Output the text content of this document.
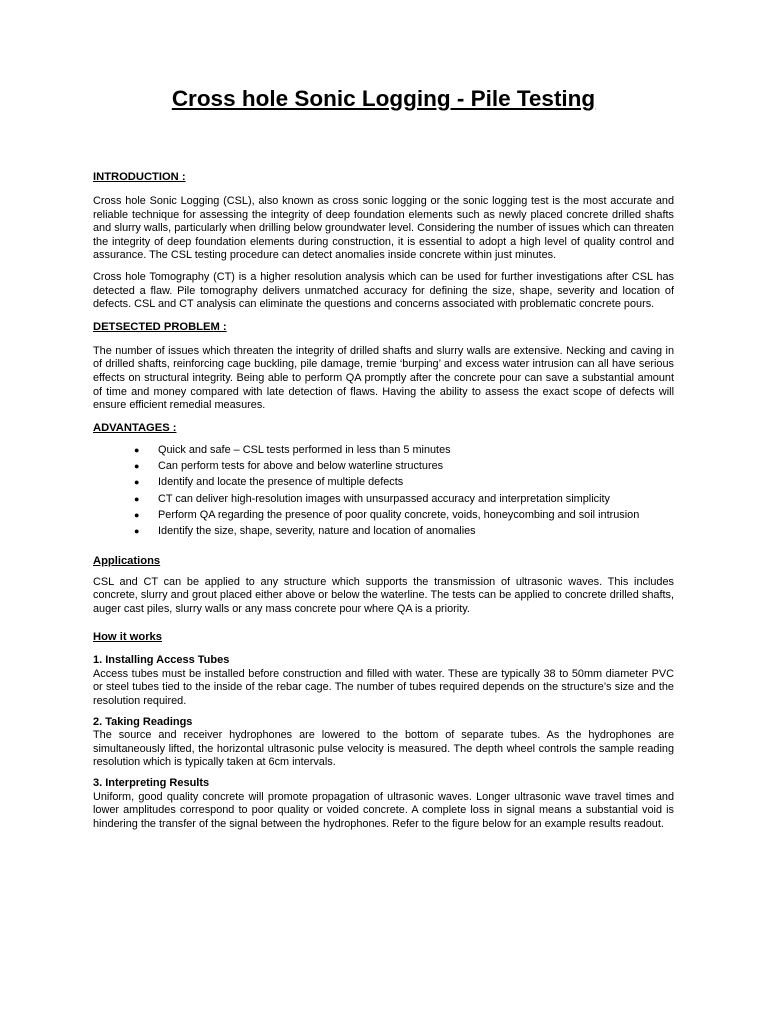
Cross hole Sonic Logging - Pile Testing

INTRODUCTION :

Cross hole Sonic Logging (CSL), also known as cross sonic logging or the sonic logging test is the most accurate and reliable technique for assessing the integrity of deep foundation elements such as newly placed concrete drilled shafts and slurry walls, particularly when drilling below groundwater level. Considering the number of issues which can threaten the integrity of deep foundation elements during construction, it is essential to adopt a high level of quality control and assurance. The CSL testing procedure can detect anomalies inside concrete within just minutes.

Cross hole Tomography (CT) is a higher resolution analysis which can be used for further investigations after CSL has detected a flaw. Pile tomography delivers unmatched accuracy for defining the size, shape, severity and location of defects. CSL and CT analysis can eliminate the questions and concerns associated with problematic concrete pours.

DETSECTED PROBLEM :

The number of issues which threaten the integrity of drilled shafts and slurry walls are extensive. Necking and caving in of drilled shafts, reinforcing cage buckling, pile damage, tremie ‘burping’ and excess water intrusion can all have serious effects on structural integrity. Being able to perform QA promptly after the concrete pour can save a substantial amount of time and money compared with late detection of flaws. Having the ability to assess the exact scope of defects will ensure efficient remedial measures.

ADVANTAGES :

● Quick and safe – CSL tests performed in less than 5 minutes
● Can perform tests for above and below waterline structures
● Identify and locate the presence of multiple defects
● CT can deliver high-resolution images with unsurpassed accuracy and interpretation simplicity
● Perform QA regarding the presence of poor quality concrete, voids, honeycombing and soil intrusion
● Identify the size, shape, severity, nature and location of anomalies

Applications

CSL and CT can be applied to any structure which supports the transmission of ultrasonic waves. This includes concrete, slurry and grout placed either above or below the waterline. The tests can be applied to concrete drilled shafts, auger cast piles, slurry walls or any mass concrete pour where QA is a priority.

How it works

1. Installing Access Tubes

Access tubes must be installed before construction and filled with water. These are typically 38 to 50mm diameter PVC or steel tubes tied to the inside of the rebar cage. The number of tubes required depends on the structure’s size and the resolution required.

2. Taking Readings

The source and receiver hydrophones are lowered to the bottom of separate tubes. As the hydrophones are simultaneously lifted, the horizontal ultrasonic pulse velocity is measured. The depth wheel controls the sample reading resolution which is typically taken at 6cm intervals.

3. Interpreting Results

Uniform, good quality concrete will promote propagation of ultrasonic waves. Longer ultrasonic wave travel times and lower amplitudes correspond to poor quality or voided concrete. A complete loss in signal means a substantial void is hindering the transfer of the signal between the hydrophones. Refer to the figure below for an example results readout.
